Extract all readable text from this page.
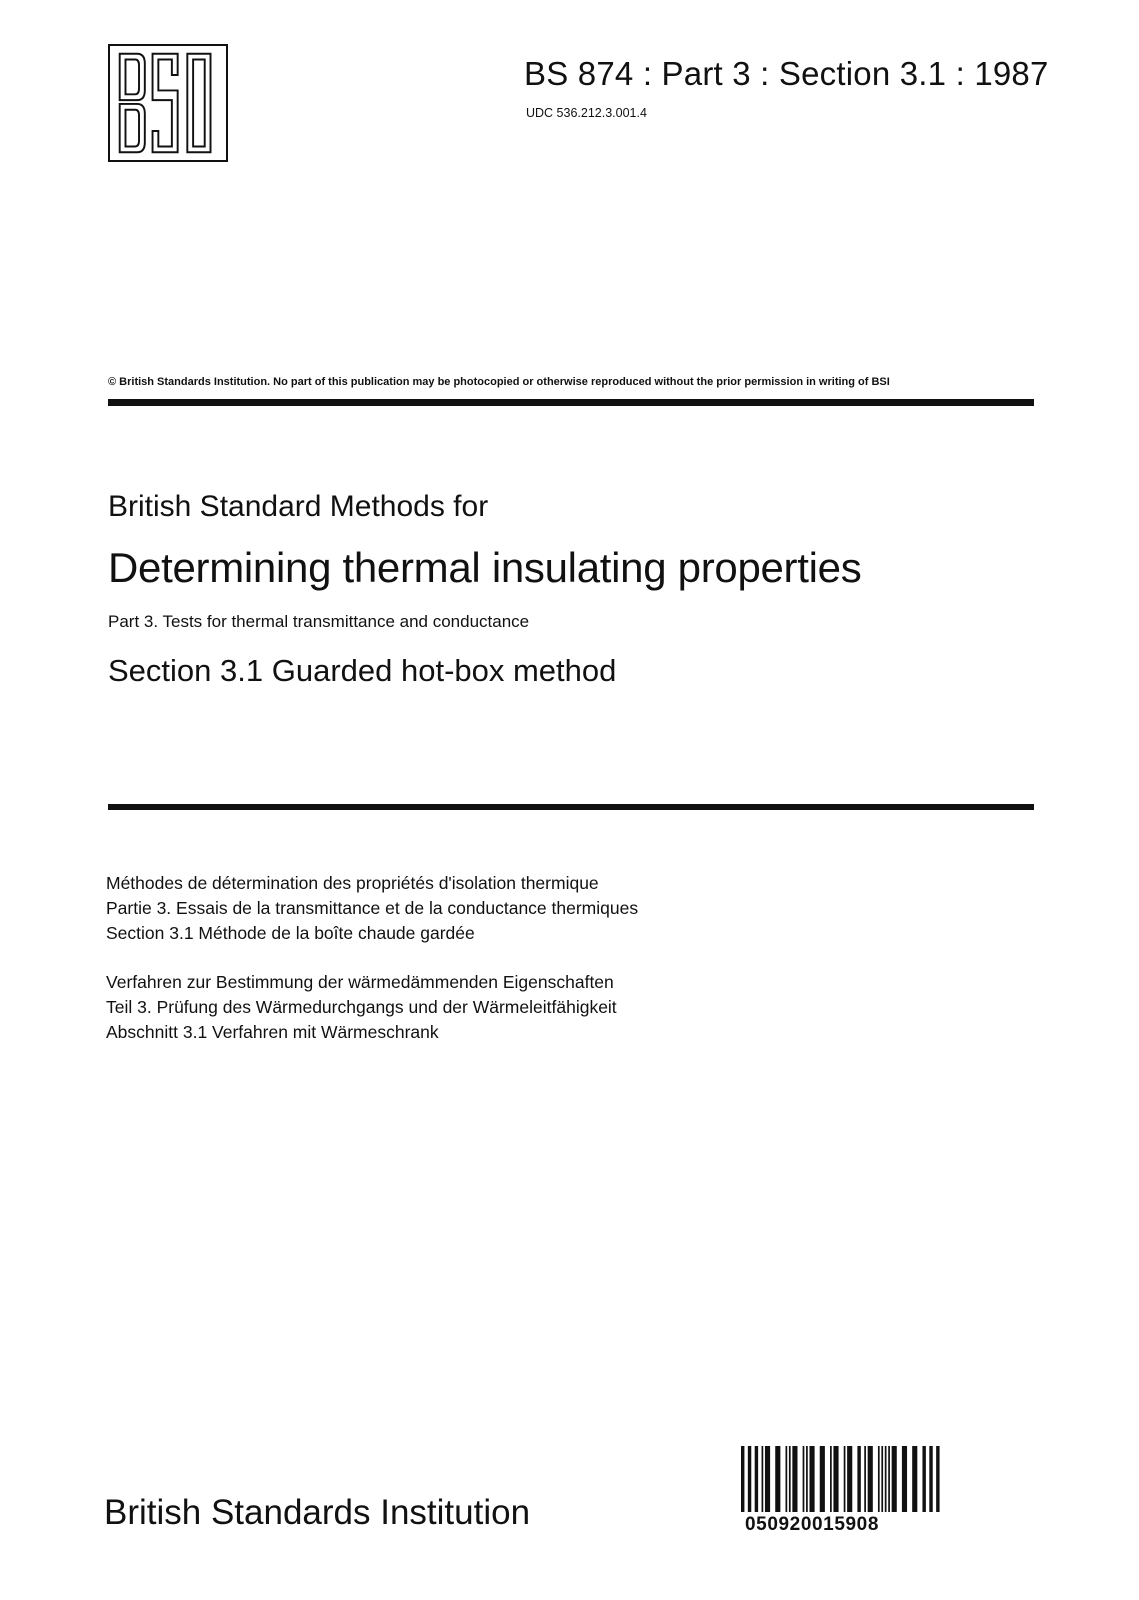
BS 874 : Part 3 : Section 3.1 : 1987
UDC 536.212.3.001.4
© British Standards Institution. No part of this publication may be photocopied or otherwise reproduced without the prior permission in writing of BSI
British Standard Methods for
Determining thermal insulating properties
Part 3. Tests for thermal transmittance and conductance
Section 3.1 Guarded hot-box method
Méthodes de détermination des propriétés d'isolation thermique
Partie 3. Essais de la transmittance et de la conductance thermiques
Section 3.1 Méthode de la boîte chaude gardée
Verfahren zur Bestimmung der wärmedämmenden Eigenschaften
Teil 3. Prüfung des Wärmedurchgangs und der Wärmeleitfähigkeit
Abschnitt 3.1 Verfahren mit Wärmeschrank
British Standards Institution	050920015908
